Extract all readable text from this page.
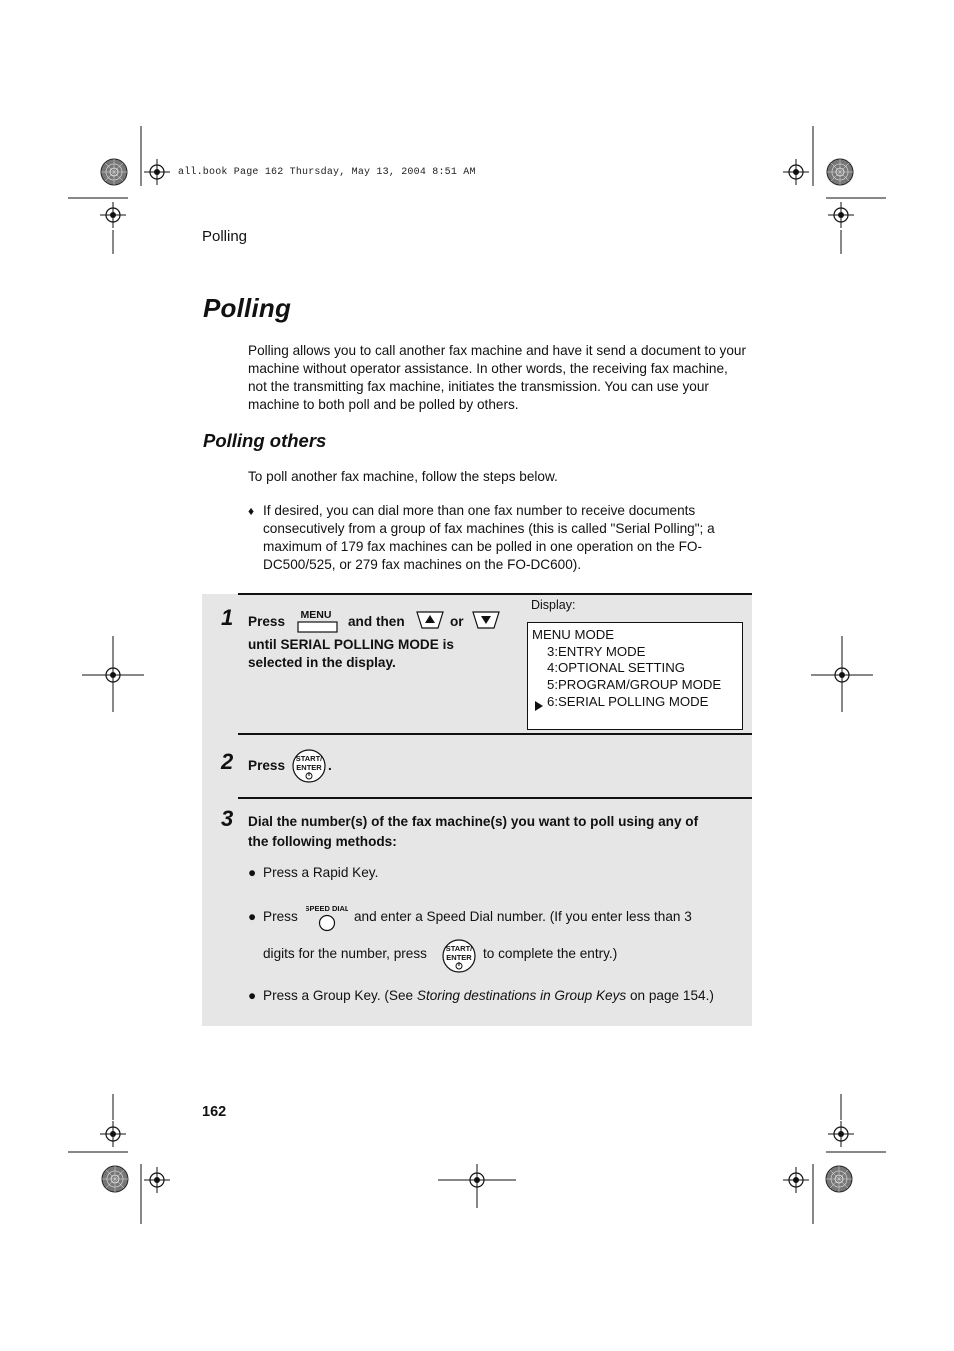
all.book Page 162 Thursday, May 13, 2004 8:51 AM
Polling
Polling

Polling allows you to call another fax machine and have it send a document to your machine without operator assistance. In other words, the receiving fax machine, not the transmitting fax machine, initiates the transmission. You can use your machine to both poll and be polled by others.

Polling others

To poll another fax machine, follow the steps below.

♦ If desired, you can dial more than one fax number to receive documents consecutively from a group of fax machines (this is called "Serial Polling"; a maximum of 179 fax machines can be polled in one operation on the FO-DC500/525, or 279 fax machines on the FO-DC600).
1 Press MENU and then	or
until SERIAL POLLING MODE is
selected in the display.
Display:
MENU MODE
3:ENTRY MODE
4:OPTIONAL SETTING
5:PROGRAM/GROUP MODE
6:SERIAL POLLING MODE
2 Press START/
ENTER .
3 Dial the number(s) of the fax machine(s) you want to poll using any of
the following methods:
● Press a Rapid Key.
● Press
SPEED DIAL
and enter a Speed Dial number. (If you enter less than 3
digits for the number, press	START/
ENTER to complete the entry.)
● Press a Group Key. (See Storing destinations in Group Keys on page 154.)
162
